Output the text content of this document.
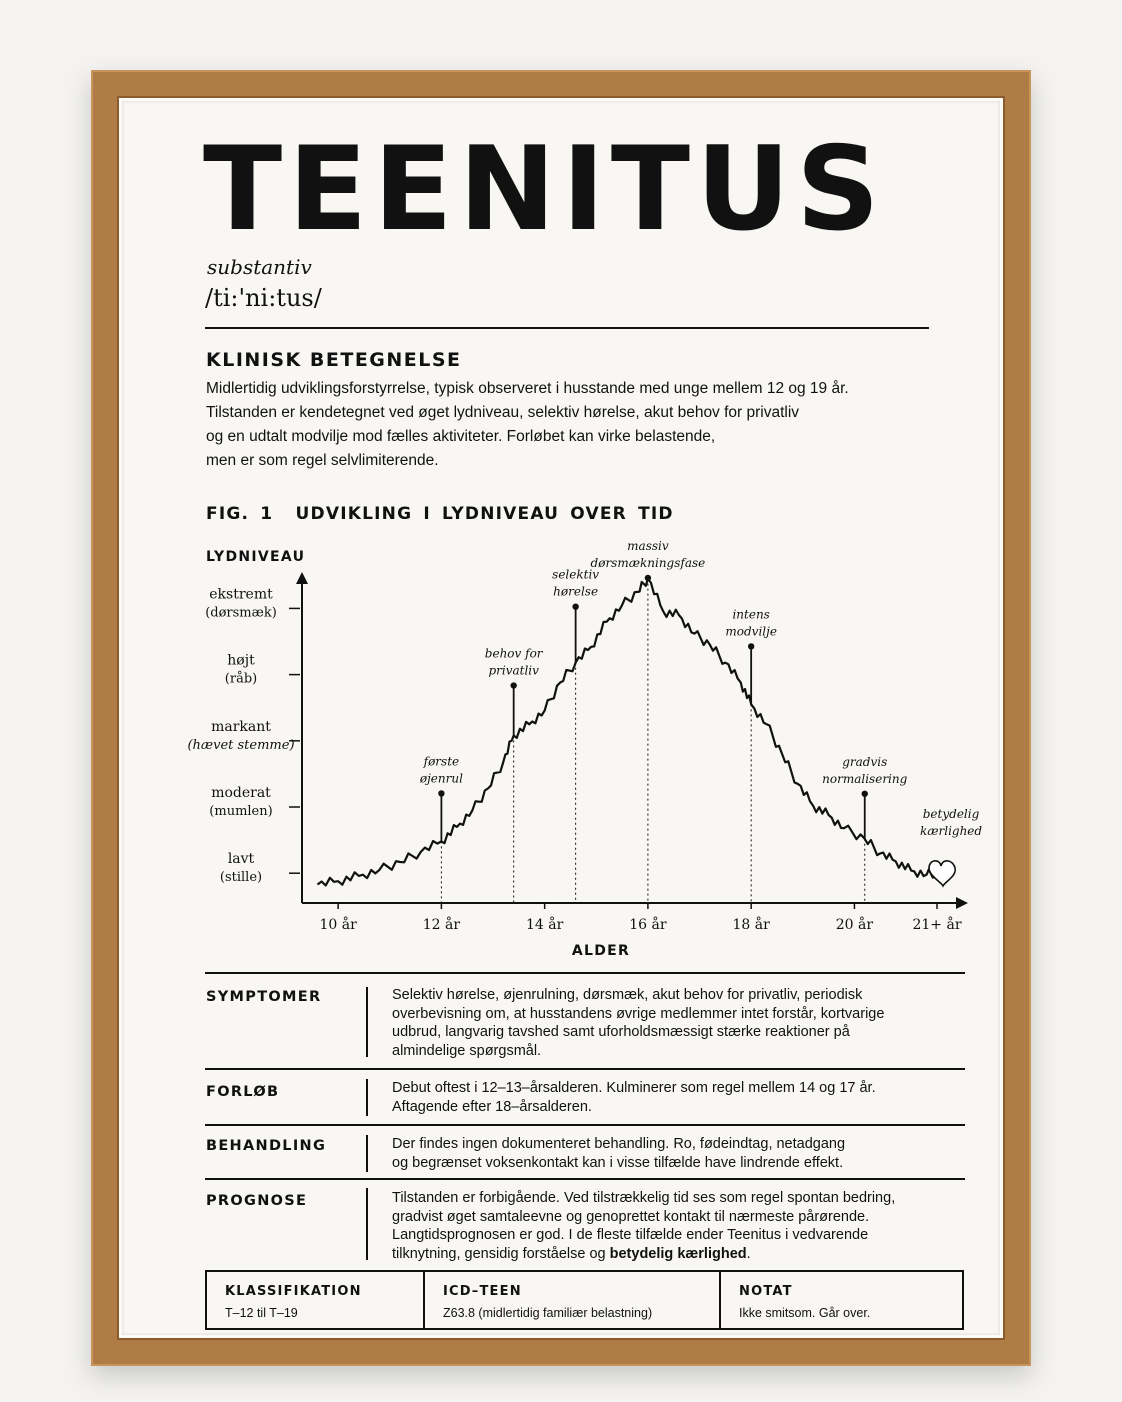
TEENITUS
substantiv
/ti:'ni:tus/
KLINISK BETEGNELSE
Midlertidig udviklingsforstyrrelse, typisk observeret i husstande med unge mellem 12 og 19 år.
Tilstanden er kendetegnet ved øget lydniveau, selektiv hørelse, akut behov for privatliv
og en udtalt modvilje mod fælles aktiviteter. Forløbet kan virke belastende,
men er som regel selvlimiterende.
FIG. 1  UDVIKLING I LYDNIVEAU OVER TID
LYDNIVEAU
lavt
(stille)
moderat
(mumlen)
markant
(hævet stemme)
højt
(råb)
ekstremt
(dørsmæk)
10 år	12 år	14 år	16 år	18 år	20 år	21+ år
ALDER
første
øjenrul
behov for
privatliv
selektiv
hørelse
massiv
dørsmækningsfase
intens
modvilje
gradvis
normalisering
betydelig
kærlighed
SYMPTOMER	Selektiv hørelse, øjenrulning, dørsmæk, akut behov for privatliv, periodisk
overbevisning om, at husstandens øvrige medlemmer intet forstår, kortvarige
udbrud, langvarig tavshed samt uforholdsmæssigt stærke reaktioner på
almindelige spørgsmål.
FORLØB	Debut oftest i 12–13–årsalderen. Kulminerer som regel mellem 14 og 17 år.
Aftagende efter 18–årsalderen.
BEHANDLING	Der findes ingen dokumenteret behandling. Ro, fødeindtag, netadgang
og begrænset voksenkontakt kan i visse tilfælde have lindrende effekt.
PROGNOSE	Tilstanden er forbigående. Ved tilstrækkelig tid ses som regel spontan bedring,
gradvist øget samtaleevne og genoprettet kontakt til nærmeste pårørende.
Langtidsprognosen er god. I de fleste tilfælde ender Teenitus i vedvarende
tilknytning, gensidig forståelse og betydelig kærlighed.
KLASSIFIKATION
T–12 til T–19
ICD–TEEN
Z63.8 (midlertidig familiær belastning)
NOTAT
Ikke smitsom. Går over.
